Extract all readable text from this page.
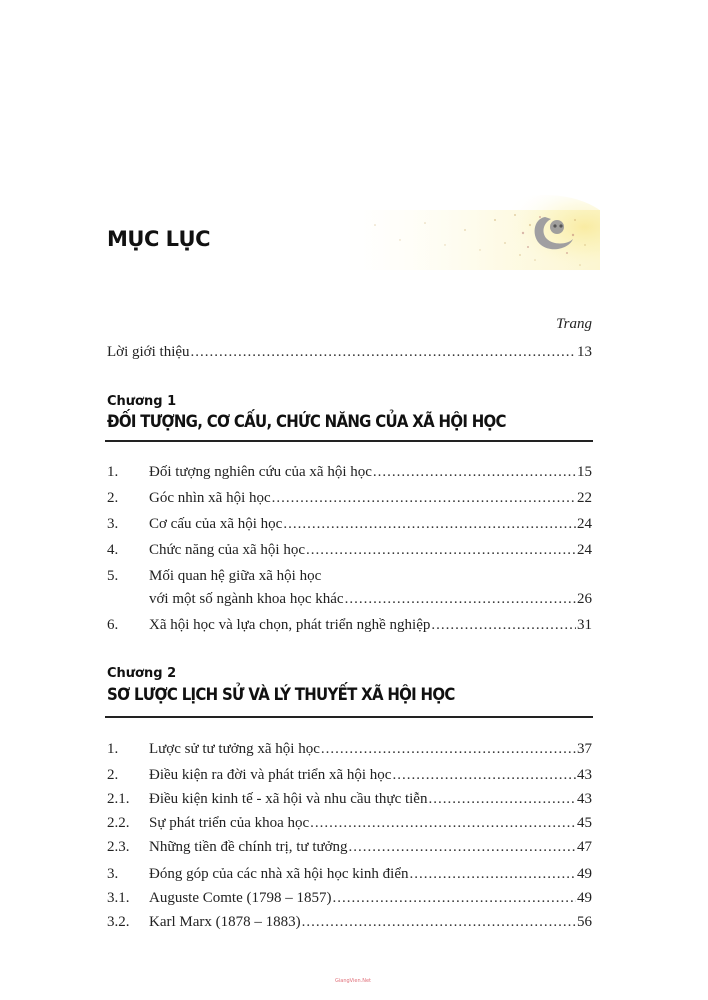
MỤC LỤC
Trang
Lời giới thiệu .....	13
Chương 1
ĐỐI TƯỢNG, CƠ CẤU, CHỨC NĂNG CỦA XÃ HỘI HỌC
1.	Đối tượng nghiên cứu của xã hội học .....	15
2.	Góc nhìn xã hội học .....	22
3.	Cơ cấu của xã hội học .....	24
4.	Chức năng của xã hội học .....	24
5.	Mối quan hệ giữa xã hội học
với một số ngành khoa học khác .....	26
6.	Xã hội học và lựa chọn, phát triển nghề nghiệp .....	31
Chương 2
SƠ LƯỢC LỊCH SỬ VÀ LÝ THUYẾT XÃ HỘI HỌC
1.	Lược sử tư tưởng xã hội học .....	37
2.	Điều kiện ra đời và phát triển xã hội học .....	43
2.1.	Điều kiện kinh tế - xã hội và nhu cầu thực tiễn .....	43
2.2.	Sự phát triển của khoa học .....	45
2.3.	Những tiền đề chính trị, tư tưởng .....	47
3.	Đóng góp của các nhà xã hội học kinh điển .....	49
3.1.	Auguste Comte (1798 – 1857) .....	49
3.2.	Karl Marx (1878 – 1883) .....	56
GiangVien.Net
